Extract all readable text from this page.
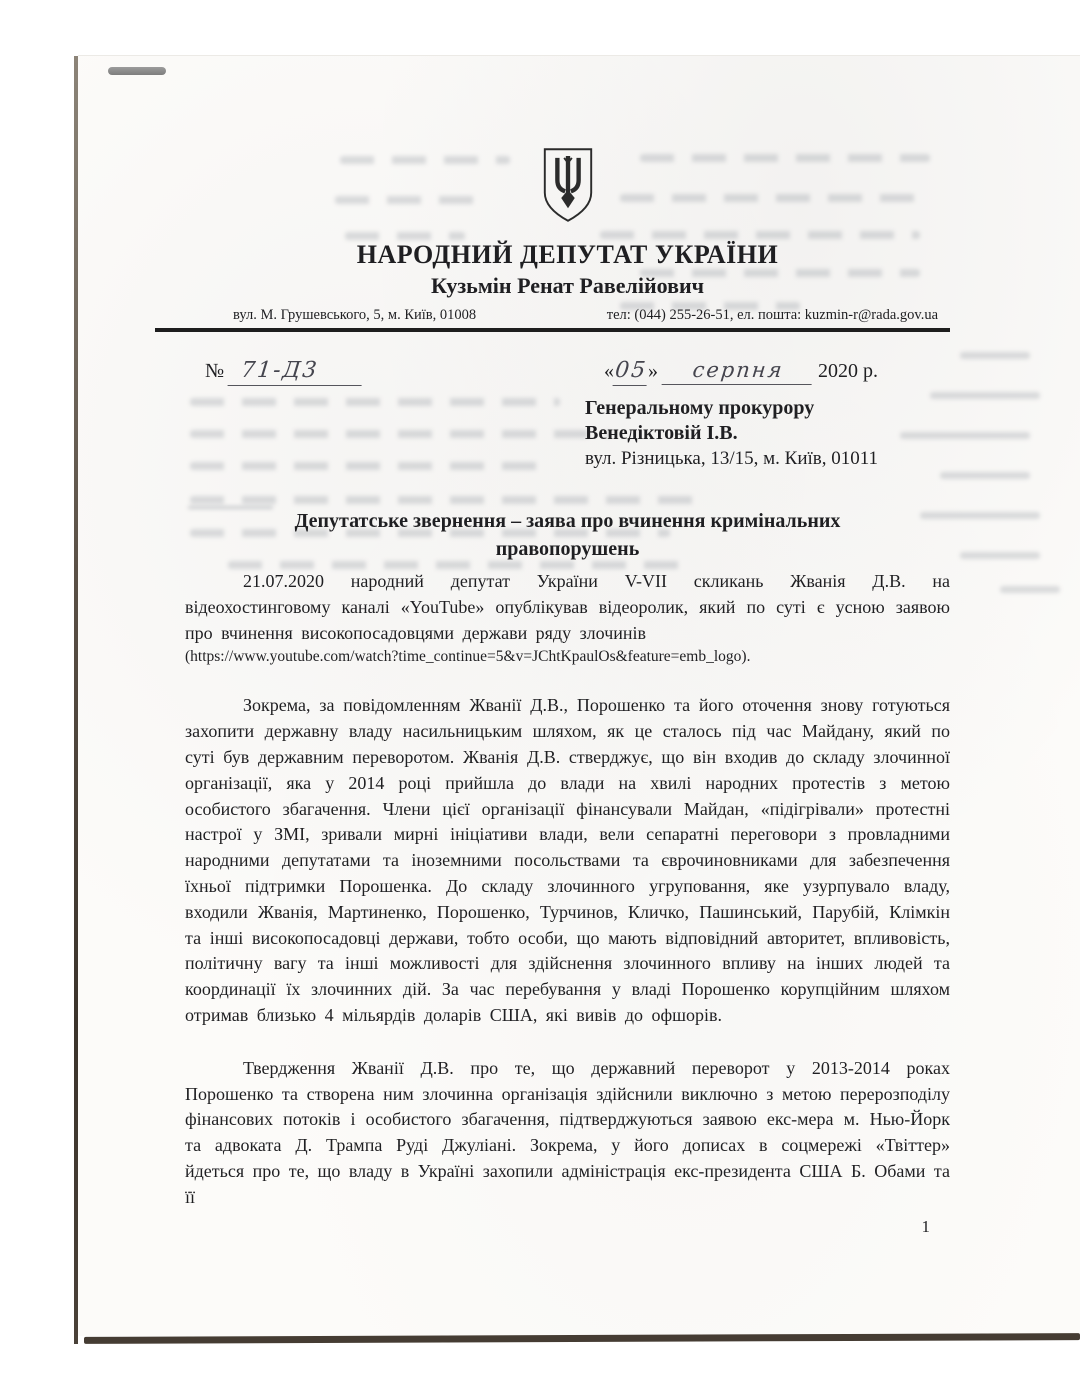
НАРОДНИЙ ДЕПУТАТ УКРАЇНИ
Кузьмін Ренат Равелійович
вул. М. Грушевського, 5, м. Київ, 01008	тел: (044) 255-26-51, ел. пошта: kuzmin-r@rada.gov.ua
№ 71-Д3	«05» серпня 2020 р.
Генеральному прокурору
Венедіктовій І.В.
вул. Різницька, 13/15, м. Київ, 01011
Депутатське звернення – заява про вчинення кримінальних правопорушень

21.07.2020 народний депутат України V-VII скликань Жванія Д.В. на відеохостинговому каналі «YouTube» опублікував відеоролик, який по суті є усною заявою про вчинення високопосадовцями держави ряду злочинів

(https://www.youtube.com/watch?time_continue=5&v=JChtKpaulOs&feature=emb_logo).

Зокрема, за повідомленням Жванії Д.В., Порошенко та його оточення знову готуються захопити державну владу насильницьким шляхом, як це сталось під час Майдану, який по суті був державним переворотом. Жванія Д.В. стверджує, що він входив до складу злочинної організації, яка у 2014 році прийшла до влади на хвилі народних протестів з метою особистого збагачення. Члени цієї організації фінансували Майдан, «підігрівали» протестні настрої у ЗМІ, зривали мирні ініціативи влади, вели сепаратні переговори з провладними народними депутатами та іноземними посольствами та єврочиновниками для забезпечення їхньої підтримки Порошенка. До складу злочинного угруповання, яке узурпувало владу, входили Жванія, Мартиненко, Порошенко, Турчинов, Кличко, Пашинський, Парубій, Клімкін та інші високопосадовці держави, тобто особи, що мають відповідний авторитет, впливовість, політичну вагу та інші можливості для здійснення злочинного впливу на інших людей та координації їх злочинних дій. За час перебування у владі Порошенко корупційним шляхом отримав близько 4 мільярдів доларів США, які вивів до офшорів.

Твердження Жванії Д.В. про те, що державний переворот у 2013-2014 роках Порошенко та створена ним злочинна організація здійснили виключно з метою перерозподілу фінансових потоків і особистого збагачення, підтверджуються заявою екс-мера м. Нью-Йорк та адвоката Д. Трампа Руді Джуліані. Зокрема, у його дописах в соцмережі «Твіттер» йдеться про те, що владу в Україні захопили адміністрація екс-президента США Б. Обами та її

1
